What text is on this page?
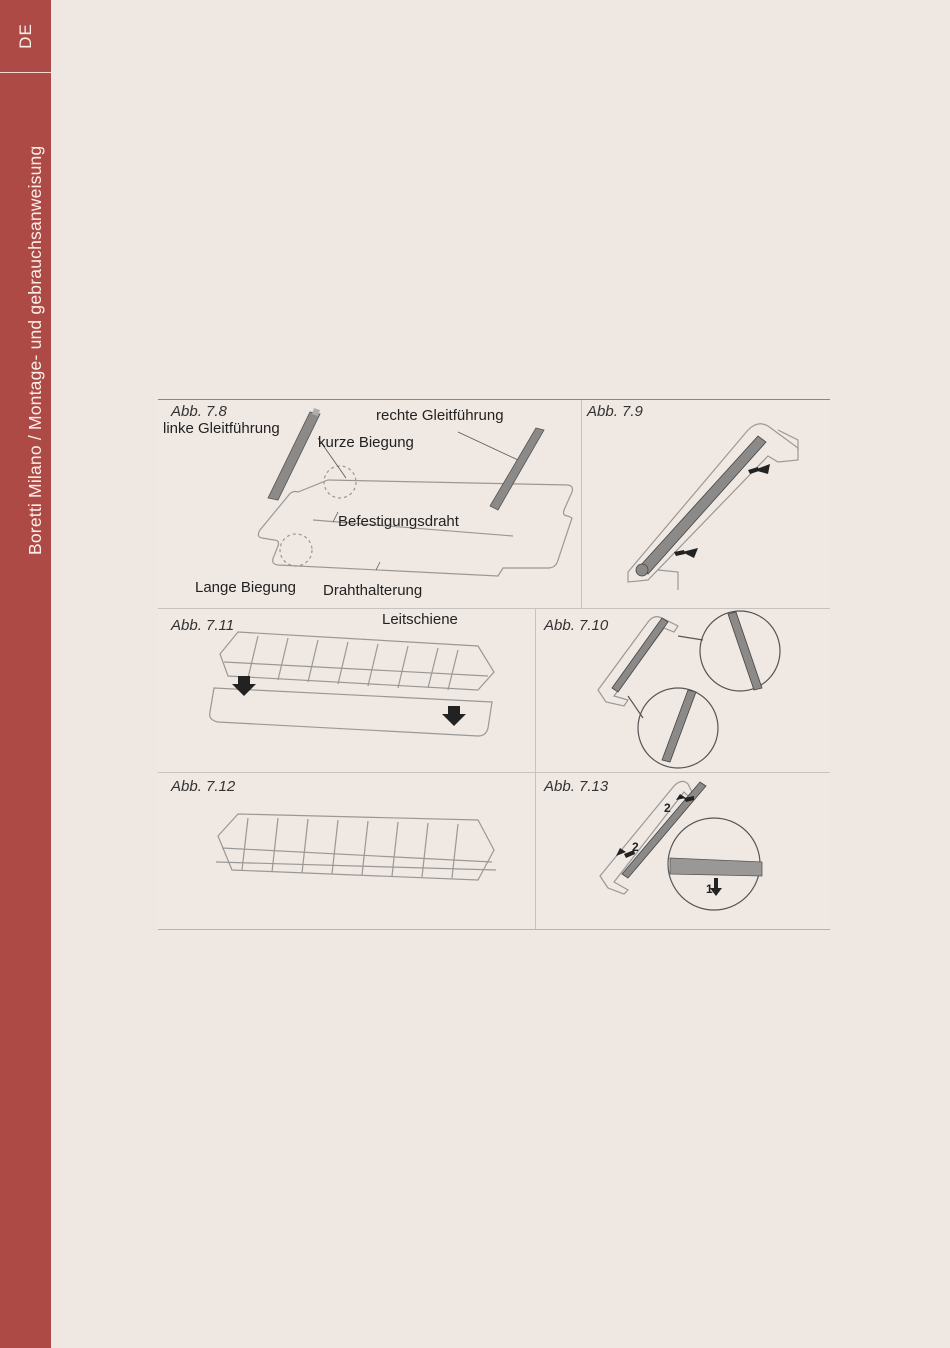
DE
Boretti Milano / Montage- und gebrauchsanweisung	Abb. 7.8	Abb. 7.9
Abb. 7.11	Abb. 7.10
Abb. 7.12	Abb. 7.13
linke Gleitführung
rechte Gleitführung
kurze Biegung
Befestigungsdraht
Lange Biegung Drahthalterung
Leitschiene
2
2
1
